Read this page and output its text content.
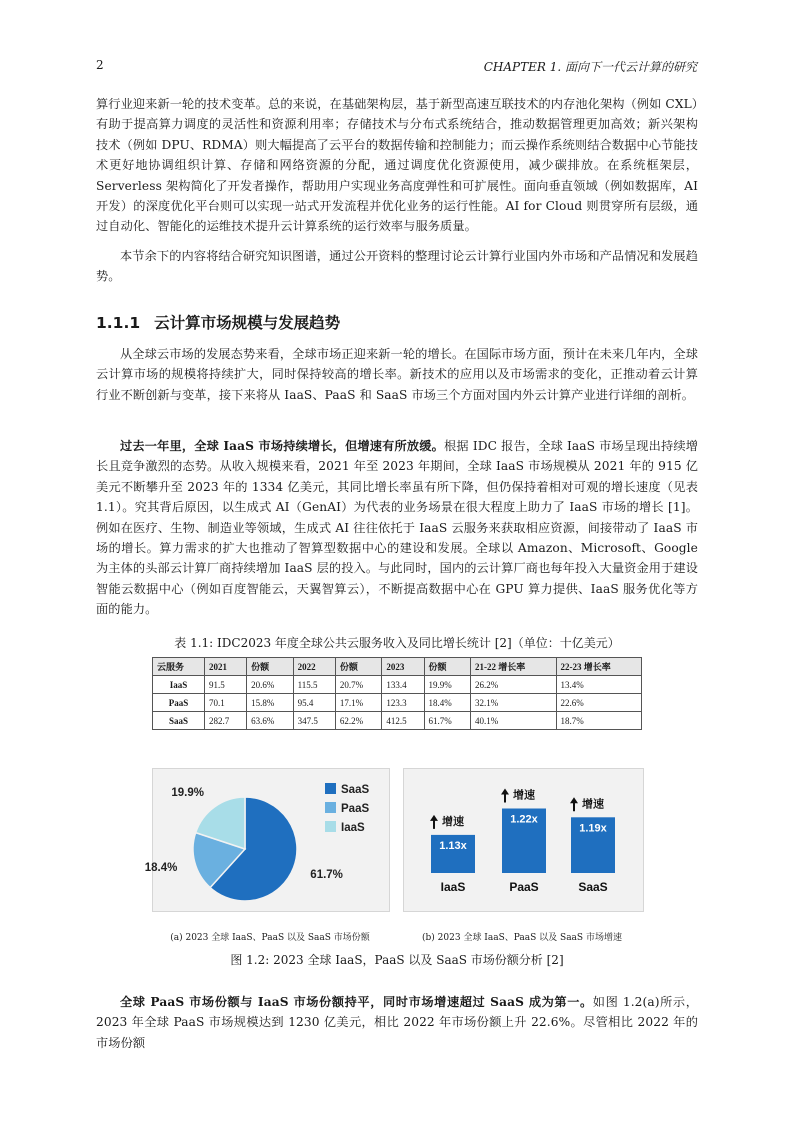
2	CHAPTER 1. 面向下一代云计算的研究

算行业迎来新一轮的技术变革。总的来说，在基础架构层，基于新型高速互联技术的内存池化架构（例如 CXL）有助于提高算力调度的灵活性和资源利用率；存储技术与分布式系统结合，推动数据管理更加高效；新兴架构技术（例如 DPU、RDMA）则大幅提高了云平台的数据传输和控制能力；而云操作系统则结合数据中心节能技术更好地协调组织计算、存储和网络资源的分配，通过调度优化资源使用，减少碳排放。在系统框架层，Serverless 架构简化了开发者操作，帮助用户实现业务高度弹性和可扩展性。面向垂直领域（例如数据库，AI 开发）的深度优化平台则可以实现一站式开发流程并优化业务的运行性能。AI for Cloud 则贯穿所有层级，通过自动化、智能化的运维技术提升云计算系统的运行效率与服务质量。

本节余下的内容将结合研究知识图谱，通过公开资料的整理讨论云计算行业国内外市场和产品情况和发展趋势。

1.1.1 云计算市场规模与发展趋势

从全球云市场的发展态势来看，全球市场正迎来新一轮的增长。在国际市场方面，预计在未来几年内，全球云计算市场的规模将持续扩大，同时保持较高的增长率。新技术的应用以及市场需求的变化，正推动着云计算行业不断创新与变革，接下来将从 IaaS、PaaS 和 SaaS 市场三个方面对国内外云计算产业进行详细的剖析。

过去一年里，全球 IaaS 市场持续增长，但增速有所放缓。根据 IDC 报告，全球 IaaS 市场呈现出持续增长且竞争激烈的态势。从收入规模来看，2021 年至 2023 年期间，全球 IaaS 市场规模从 2021 年的 915 亿美元不断攀升至 2023 年的 1334 亿美元，其同比增长率虽有所下降，但仍保持着相对可观的增长速度（见表 1.1）。究其背后原因，以生成式 AI（GenAI）为代表的业务场景在很大程度上助力了 IaaS 市场的增长 [1]。例如在医疗、生物、制造业等领域，生成式 AI 往往依托于 IaaS 云服务来获取相应资源，间接带动了 IaaS 市场的增长。算力需求的扩大也推动了智算型数据中心的建设和发展。全球以 Amazon、Microsoft、Google 为主体的头部云计算厂商持续增加 IaaS 层的投入。与此同时，国内的云计算厂商也每年投入大量资金用于建设智能云数据中心（例如百度智能云，天翼智算云），不断提高数据中心在 GPU 算力提供、IaaS 服务优化等方面的能力。

表 1.1: IDC2023 年度全球公共云服务收入及同比增长统计 [2]（单位：十亿美元）
云服务	2021	份额	2022	份额	2023	份额	21-22 增长率	22-23 增长率
IaaS	91.5	20.6%	115.5	20.7%	133.4	19.9%	26.2%	13.4%
PaaS	70.1	15.8%	95.4	17.1%	123.3	18.4%	32.1%	22.6%
SaaS	282.7	63.6%	347.5	62.2%	412.5	61.7%	40.1%	18.7%
61.7%
18.4%
19.9%	SaaS
PaaS
IaaS
1.13x
增速
IaaS
1.22x
增速
PaaS
1.19x
增速
SaaS
(a) 2023 全球 IaaS、PaaS 以及 SaaS 市场份额	(b) 2023 全球 IaaS、PaaS 以及 SaaS 市场增速
图 1.2: 2023 全球 IaaS，PaaS 以及 SaaS 市场份额分析 [2]

全球 PaaS 市场份额与 IaaS 市场份额持平，同时市场增速超过 SaaS 成为第一。如图 1.2(a)所示，2023 年全球 PaaS 市场规模达到 1230 亿美元，相比 2022 年市场份额上升 22.6%。尽管相比 2022 年的市场份额
